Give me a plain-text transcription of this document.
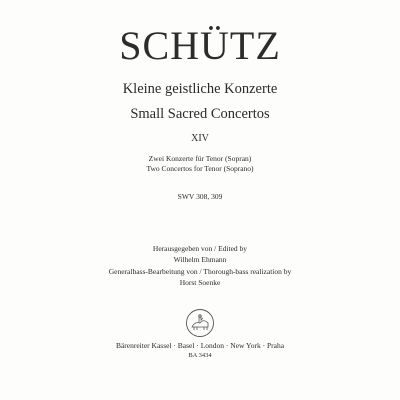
SCHÜTZ
Kleine geistliche Konzerte
Small Sacred Concertos
XIV
Zwei Konzerte für Tenor (Sopran)
Two Concertos for Tenor (Soprano)
SWV 308, 309
Herausgegeben von / Edited by
Wilhelm Ehmann
Generalbass-Bearbeitung von / Thorough-bass realization by
Horst Soenke
Bärenreiter Kassel · Basel · London · New York · Praha
BA 3434
